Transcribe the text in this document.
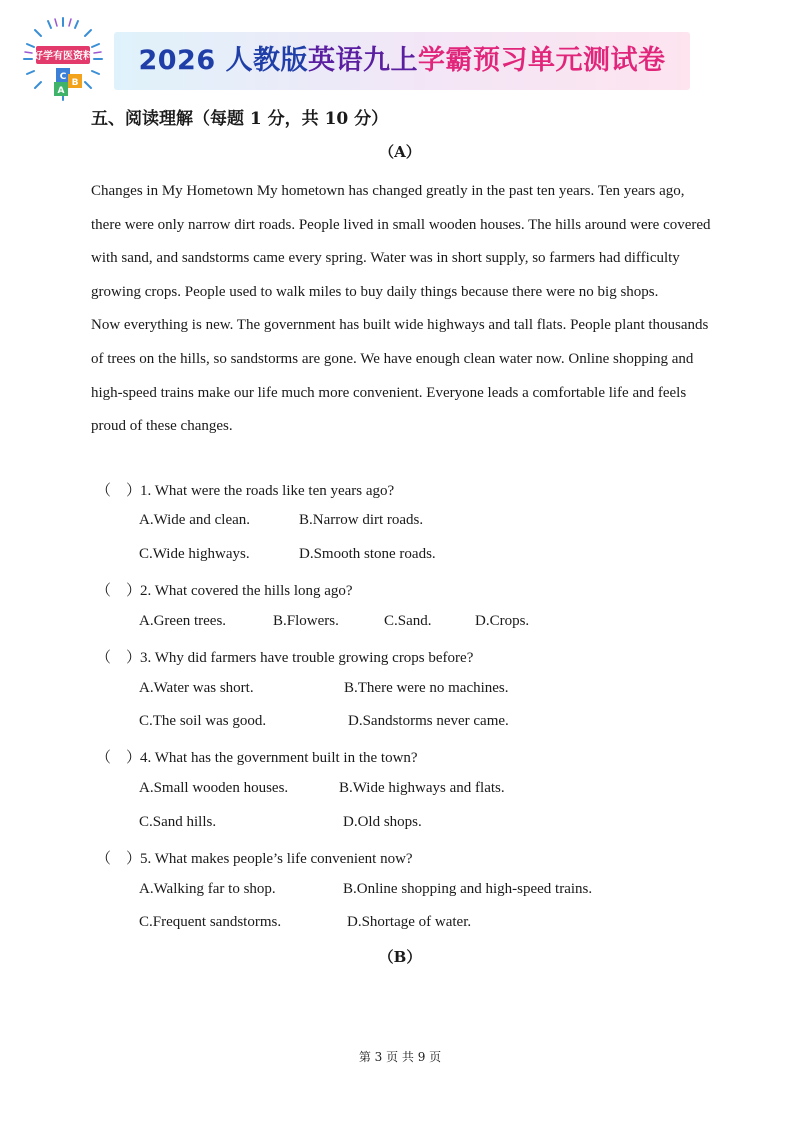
好学有医资料
C
B
A
2026 人教版英语九上学霸预习单元测试卷
五、阅读理解（每题 1 分，共 10 分）
（A）

Changes in My Hometown My hometown has changed greatly in the past ten years. Ten years ago, there were only narrow dirt roads. People lived in small wooden houses. The hills around were covered with sand, and sandstorms came every spring. Water was in short supply, so farmers had difficulty growing crops. People used to walk miles to buy daily things because there were no big shops.

Now everything is new. The government has built wide highways and tall flats. People plant thousands of trees on the hills, so sandstorms are gone. We have enough clean water now. Online shopping and high-speed trains make our life much more convenient. Everyone leads a comfortable life and feels proud of these changes.

（　）1. What were the roads like ten years ago?
A.Wide and clean.	B.Narrow dirt roads.
C.Wide highways.	D.Smooth stone roads.
（　）2. What covered the hills long ago?
A.Green trees.	B.Flowers.	C.Sand.	D.Crops.
（　）3. Why did farmers have trouble growing crops before?
A.Water was short.	B.There were no machines.
C.The soil was good.	D.Sandstorms never came.
（　）4. What has the government built in the town?
A.Small wooden houses.	B.Wide highways and flats.
C.Sand hills.	D.Old shops.
（　）5. What makes people’s life convenient now?
A.Walking far to shop.	B.Online shopping and high-speed trains.
C.Frequent sandstorms.	D.Shortage of water.
（B）
第 3 页 共 9 页
